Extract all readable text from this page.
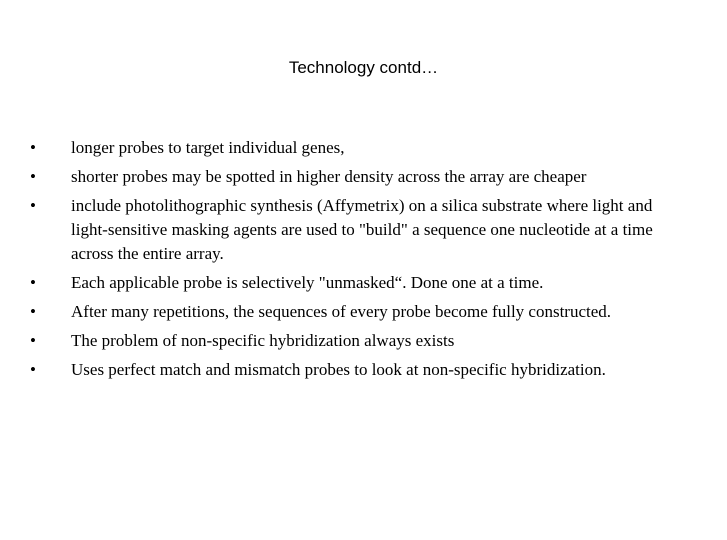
Technology contd…
•	longer probes to target individual genes,
•	shorter probes may be spotted in higher density across the array are cheaper
•	include photolithographic synthesis (Affymetrix) on a silica substrate where light and light-sensitive masking agents are used to "build" a sequence one nucleotide at a time across the entire array.
•	Each applicable probe is selectively "unmasked“. Done one at a time.
•	After many repetitions, the sequences of every probe become fully constructed.
•	The problem of non-specific hybridization always exists
•	Uses perfect match and mismatch probes to look at non-specific hybridization.
